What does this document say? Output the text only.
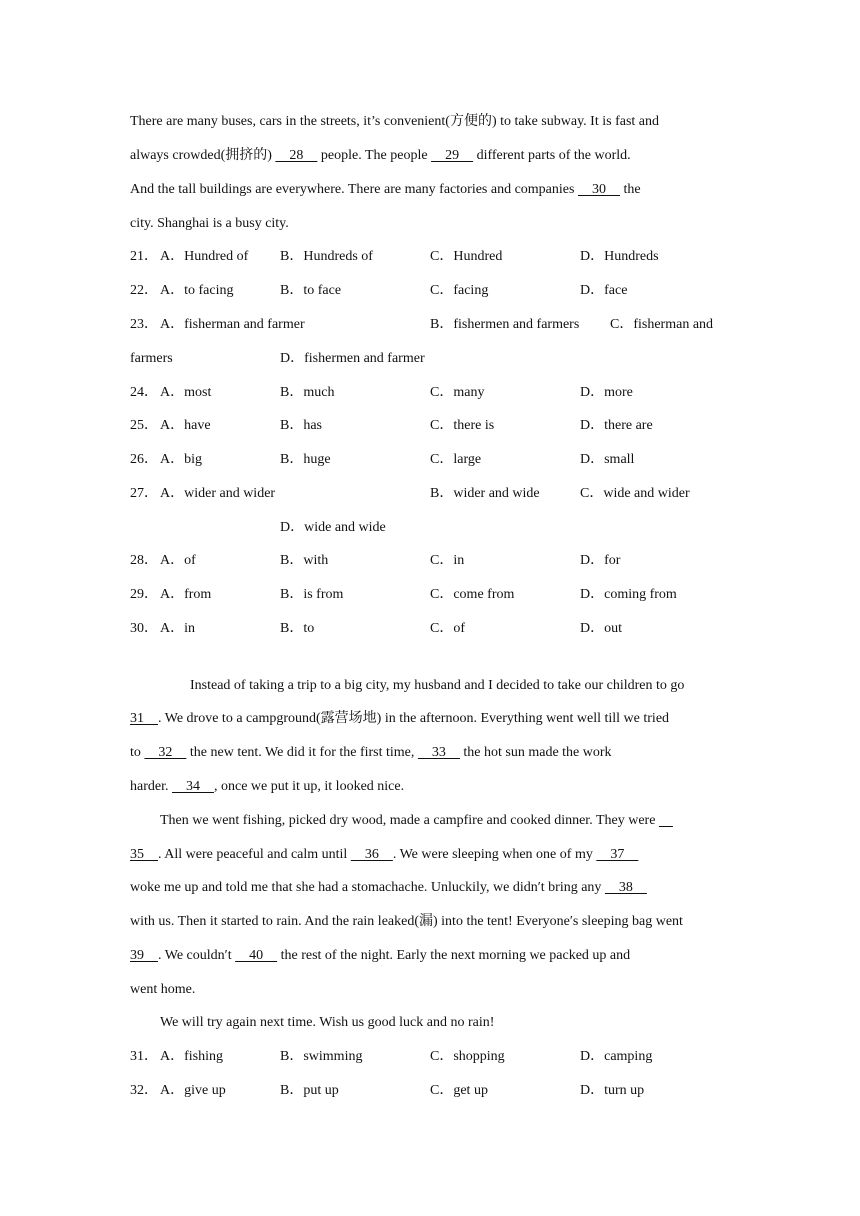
There are many buses, cars in the streets, it’s convenient(方便的) to take subway. It is fast and
always crowded(拥挤的)     28     people. The people     29     different parts of the world.
And the tall buildings are everywhere. There are many factories and companies     30     the
city. Shanghai is a busy city.
21． A．Hundred of B．Hundreds of	C．Hundred	D．Hundreds
22． A．to facing	B．to face	C．facing	D．face
23． A．fisherman and farmer	B．fishermen and farmers C．fisherman and
farmers	D．fishermen and farmer
24． A．most	B．much	C．many	D．more
25． A．have	B．has	C．there is	D．there are
26． A．big	B．huge	C．large	D．small
27． A．wider and wider	B．wider and wide	C．wide and wider
D．wide and wide
28． A．of	B．with	C．in	D．for
29． A．from	B．is from	C．come from	D．coming from
30． A．in	B．to	C．of	D．out
Instead of taking a trip to a big city, my husband and I decided to take our children to go
31    . We drove to a campground(露营场地) in the afternoon. Everything went well till we tried
to     32     the new tent. We did it for the first time,     33     the hot sun made the work
harder.     34    , once we put it up, it looked nice.
Then we went fishing, picked dry wood, made a campfire and cooked dinner. They were
35    . All were peaceful and calm until     36    . We were sleeping when one of my     37
woke me up and told me that she had a stomachache. Unluckily, we didn′t bring any     38
with us. Then it started to rain. And the rain leaked(漏) into the tent! Everyone′s sleeping bag went
39    . We couldn′t     40     the rest of the night. Early the next morning we packed up and
went home.
We will try again next time. Wish us good luck and no rain!
31． A．fishing	B．swimming	C．shopping	D．camping
32． A．give up	B．put up	C．get up	D．turn up
